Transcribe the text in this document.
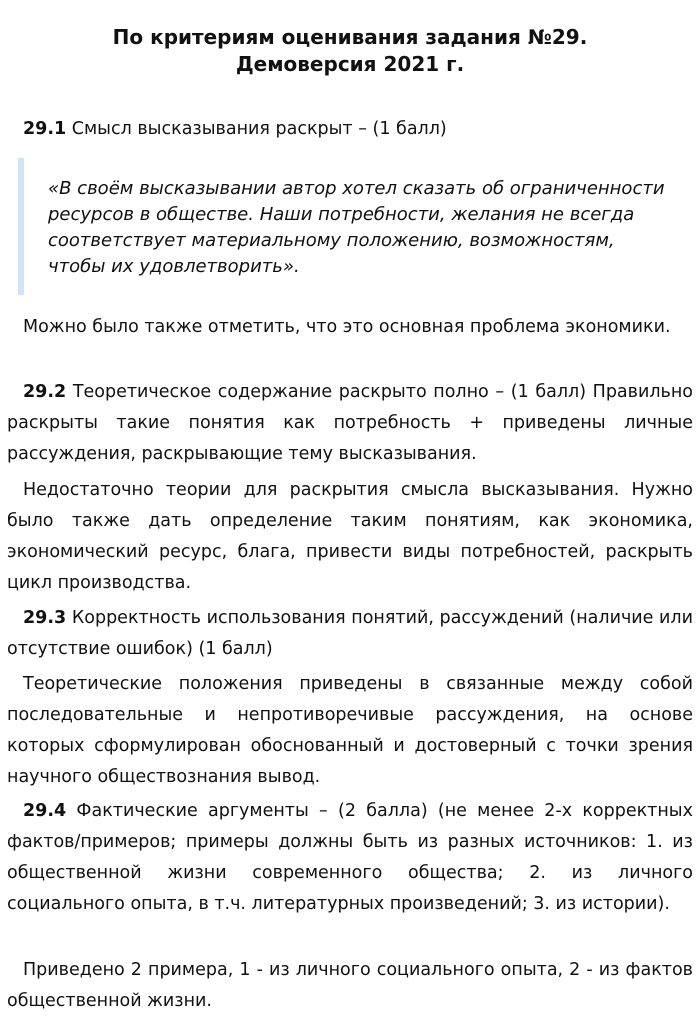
По критериям оценивания задания №29.
Демоверсия 2021 г.
29.1 Смысл высказывания раскрыт – (1 балл)
«В своём высказывании автор хотел сказать об ограниченности ресурсов в обществе. Наши потребности, желания не всегда соответствует материальному положению, возможностям, чтобы их удовлетворить».
Можно было также отметить, что это основная проблема экономики.
29.2 Теоретическое содержание раскрыто полно – (1 балл) Правильно раскрыты такие понятия как потребность + приведены личные рассуждения, раскрывающие тему высказывания.
Недостаточно теории для раскрытия смысла высказывания. Нужно было также дать определение таким понятиям, как экономика, экономический ресурс, блага, привести виды потребностей, раскрыть цикл производства.
29.3 Корректность использования понятий, рассуждений (наличие или отсутствие ошибок) (1 балл)
Теоретические положения приведены в связанные между собой последовательные и непротиворечивые рассуждения, на основе которых сформулирован обоснованный и достоверный с точки зрения научного обществознания вывод.
29.4 Фактические аргументы – (2 балла) (не менее 2-х корректных фактов/примеров; примеры должны быть из разных источников: 1. из общественной жизни современного общества; 2. из личного социального опыта, в т.ч. литературных произведений; 3. из истории).
Приведено 2 примера, 1 - из личного социального опыта, 2 - из фактов общественной жизни.
